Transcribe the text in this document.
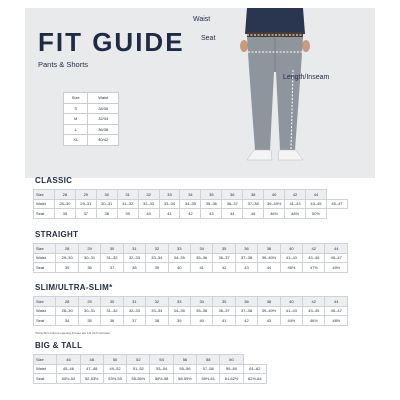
FIT GUIDE
Pants & Shorts
Size	Waist
S	28/30
M	32/34
L	36/38
XL	40/42
Waist
Seat
Length/Inseam
CLASSIC
Size	28	29	30	31	32	33	34	35	36	38	40	42	44	
Waist	28–30	29–31	30–31	31–32	32–33	33–34	34–35	35–36	36–37	37–38	39–40½	41–43	43–45	45–47
Seat	35	37	38	39	40	41	42	43	44	45	46½	48½	50½	
STRAIGHT
Size	28	29	30	31	32	33	34	35	36	38	40	42	44
Waist	29–30	30–31	31–32	32–33	33–34	34–35	35–36	36–37	37–38	39–40½	41–43	43–45	45–47
Seat	35	36	37	38	39	40	41	42	43	44	45½	47½	49½
SLIM/ULTRA-SLIM*
Size	28	29	30	31	32	33	34	35	36	38	40	42	44
Waist	28–30	30–31	31–32	32–33	33–34	34–35	35–36	36–37	37–38	39–40½	41–43	43–45	45–47
Seat	34	35	36	37	38	39	40	41	42	43	44½	46½	48½
*Ultra-Slim bottom opening & knee are 1/2 inch narrower
BIG & TALL
Size	46	48	50	52	54	56	58	60	
Waist	45–46	47–48	49–52	51–52	53–54	55–56	57–58	59–60	61–62
Seat	50½-52	52-53½	53½-55	55-56½	56½-58	58-59½	59½-61	61-62½	62½-64
